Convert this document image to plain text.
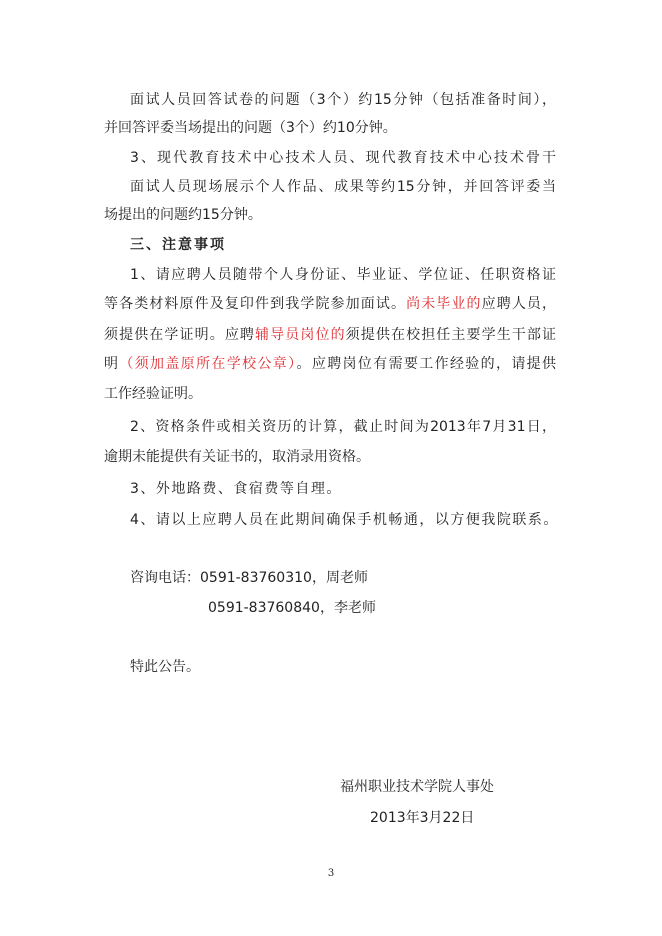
面试人员回答试卷的问题（3个）约15分钟（包括准备时间），
并回答评委当场提出的问题（3个）约10分钟。
3、现代教育技术中心技术人员、现代教育技术中心技术骨干
面试人员现场展示个人作品、成果等约15分钟，并回答评委当
场提出的问题约15分钟。
三、注意事项
1、请应聘人员随带个人身份证、毕业证、学位证、任职资格证
等各类材料原件及复印件到我学院参加面试。尚未毕业的应聘人员，
须提供在学证明。应聘辅导员岗位的须提供在校担任主要学生干部证
明（须加盖原所在学校公章）。应聘岗位有需要工作经验的，请提供
工作经验证明。
2、资格条件或相关资历的计算，截止时间为2013年7月31日，
逾期未能提供有关证书的，取消录用资格。
3、外地路费、食宿费等自理。
4、请以上应聘人员在此期间确保手机畅通，以方便我院联系。
咨询电话：0591-83760310，周老师
0591-83760840，李老师
特此公告。
福州职业技术学院人事处
2013年3月22日
3
